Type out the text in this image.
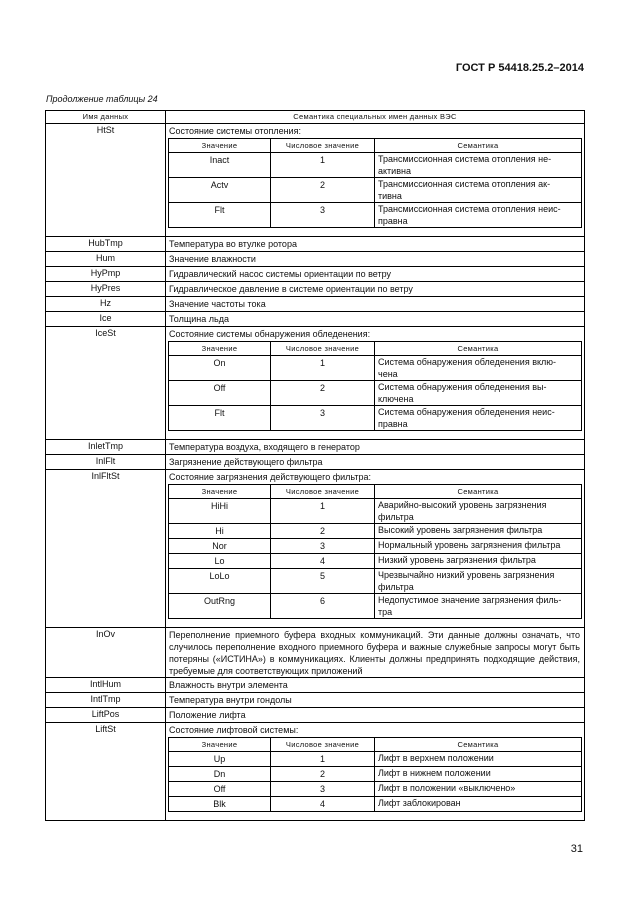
ГОСТ Р 54418.25.2–2014
Продолжение таблицы 24
Имя данных	Семантика специальных имен данных ВЭС
HtSt	Состояние системы отопления:
Значение	Числовое значение	Семантика
Inact	1	Трансмиссионная система отопления не-
активна
Actv	2	Трансмиссионная система отопления ак-
тивна
Flt	3	Трансмиссионная система отопления неис-
правна

HubTmp	Температура во втулке ротора

Hum	Значение влажности

HyPmp	Гидравлический насос системы ориентации по ветру

HyPres	Гидравлическое давление в системе ориентации по ветру

Hz	Значение частоты тока

Ice	Толщина льда

IceSt	Состояние системы обнаружения обледенения:
Значение	Числовое значение	Семантика
On	1	Система обнаружения обледенения вклю-
чена
Off	2	Система обнаружения обледенения вы-
ключена
Flt	3	Система обнаружения обледенения неис-
правна

InletTmp	Температура воздуха, входящего в генератор

InlFlt	Загрязнение действующего фильтра

InlFltSt	Состояние загрязнения действующего фильтра:
Значение	Числовое значение	Семантика
HiHi	1	Аварийно-высокий уровень загрязнения
фильтра
Hi	2	Высокий уровень загрязнения фильтра
Nor	3	Нормальный уровень загрязнения фильтра
Lo	4	Низкий уровень загрязнения фильтра
LoLo	5	Чрезвычайно низкий уровень загрязнения
фильтра
OutRng	6	Недопустимое значение загрязнения филь-
тра

InOv	Переполнение приемного буфера входных коммуникаций. Эти данные должны означать, что случилось переполнение входного приемного буфера и важные служебные запросы могут быть потеряны («ИСТИНА») в коммуникациях. Клиенты должны предпринять подходящие действия, требуемые для соответствующих приложений

IntlHum	Влажность внутри элемента

IntlTmp	Температура внутри гондолы

LiftPos	Положение лифта

LiftSt	Состояние лифтовой системы:
Значение	Числовое значение	Семантика
Up	1	Лифт в верхнем положении
Dn	2	Лифт в нижнем положении
Off	3	Лифт в положении «выключено»
Blk	4	Лифт заблокирован
31
